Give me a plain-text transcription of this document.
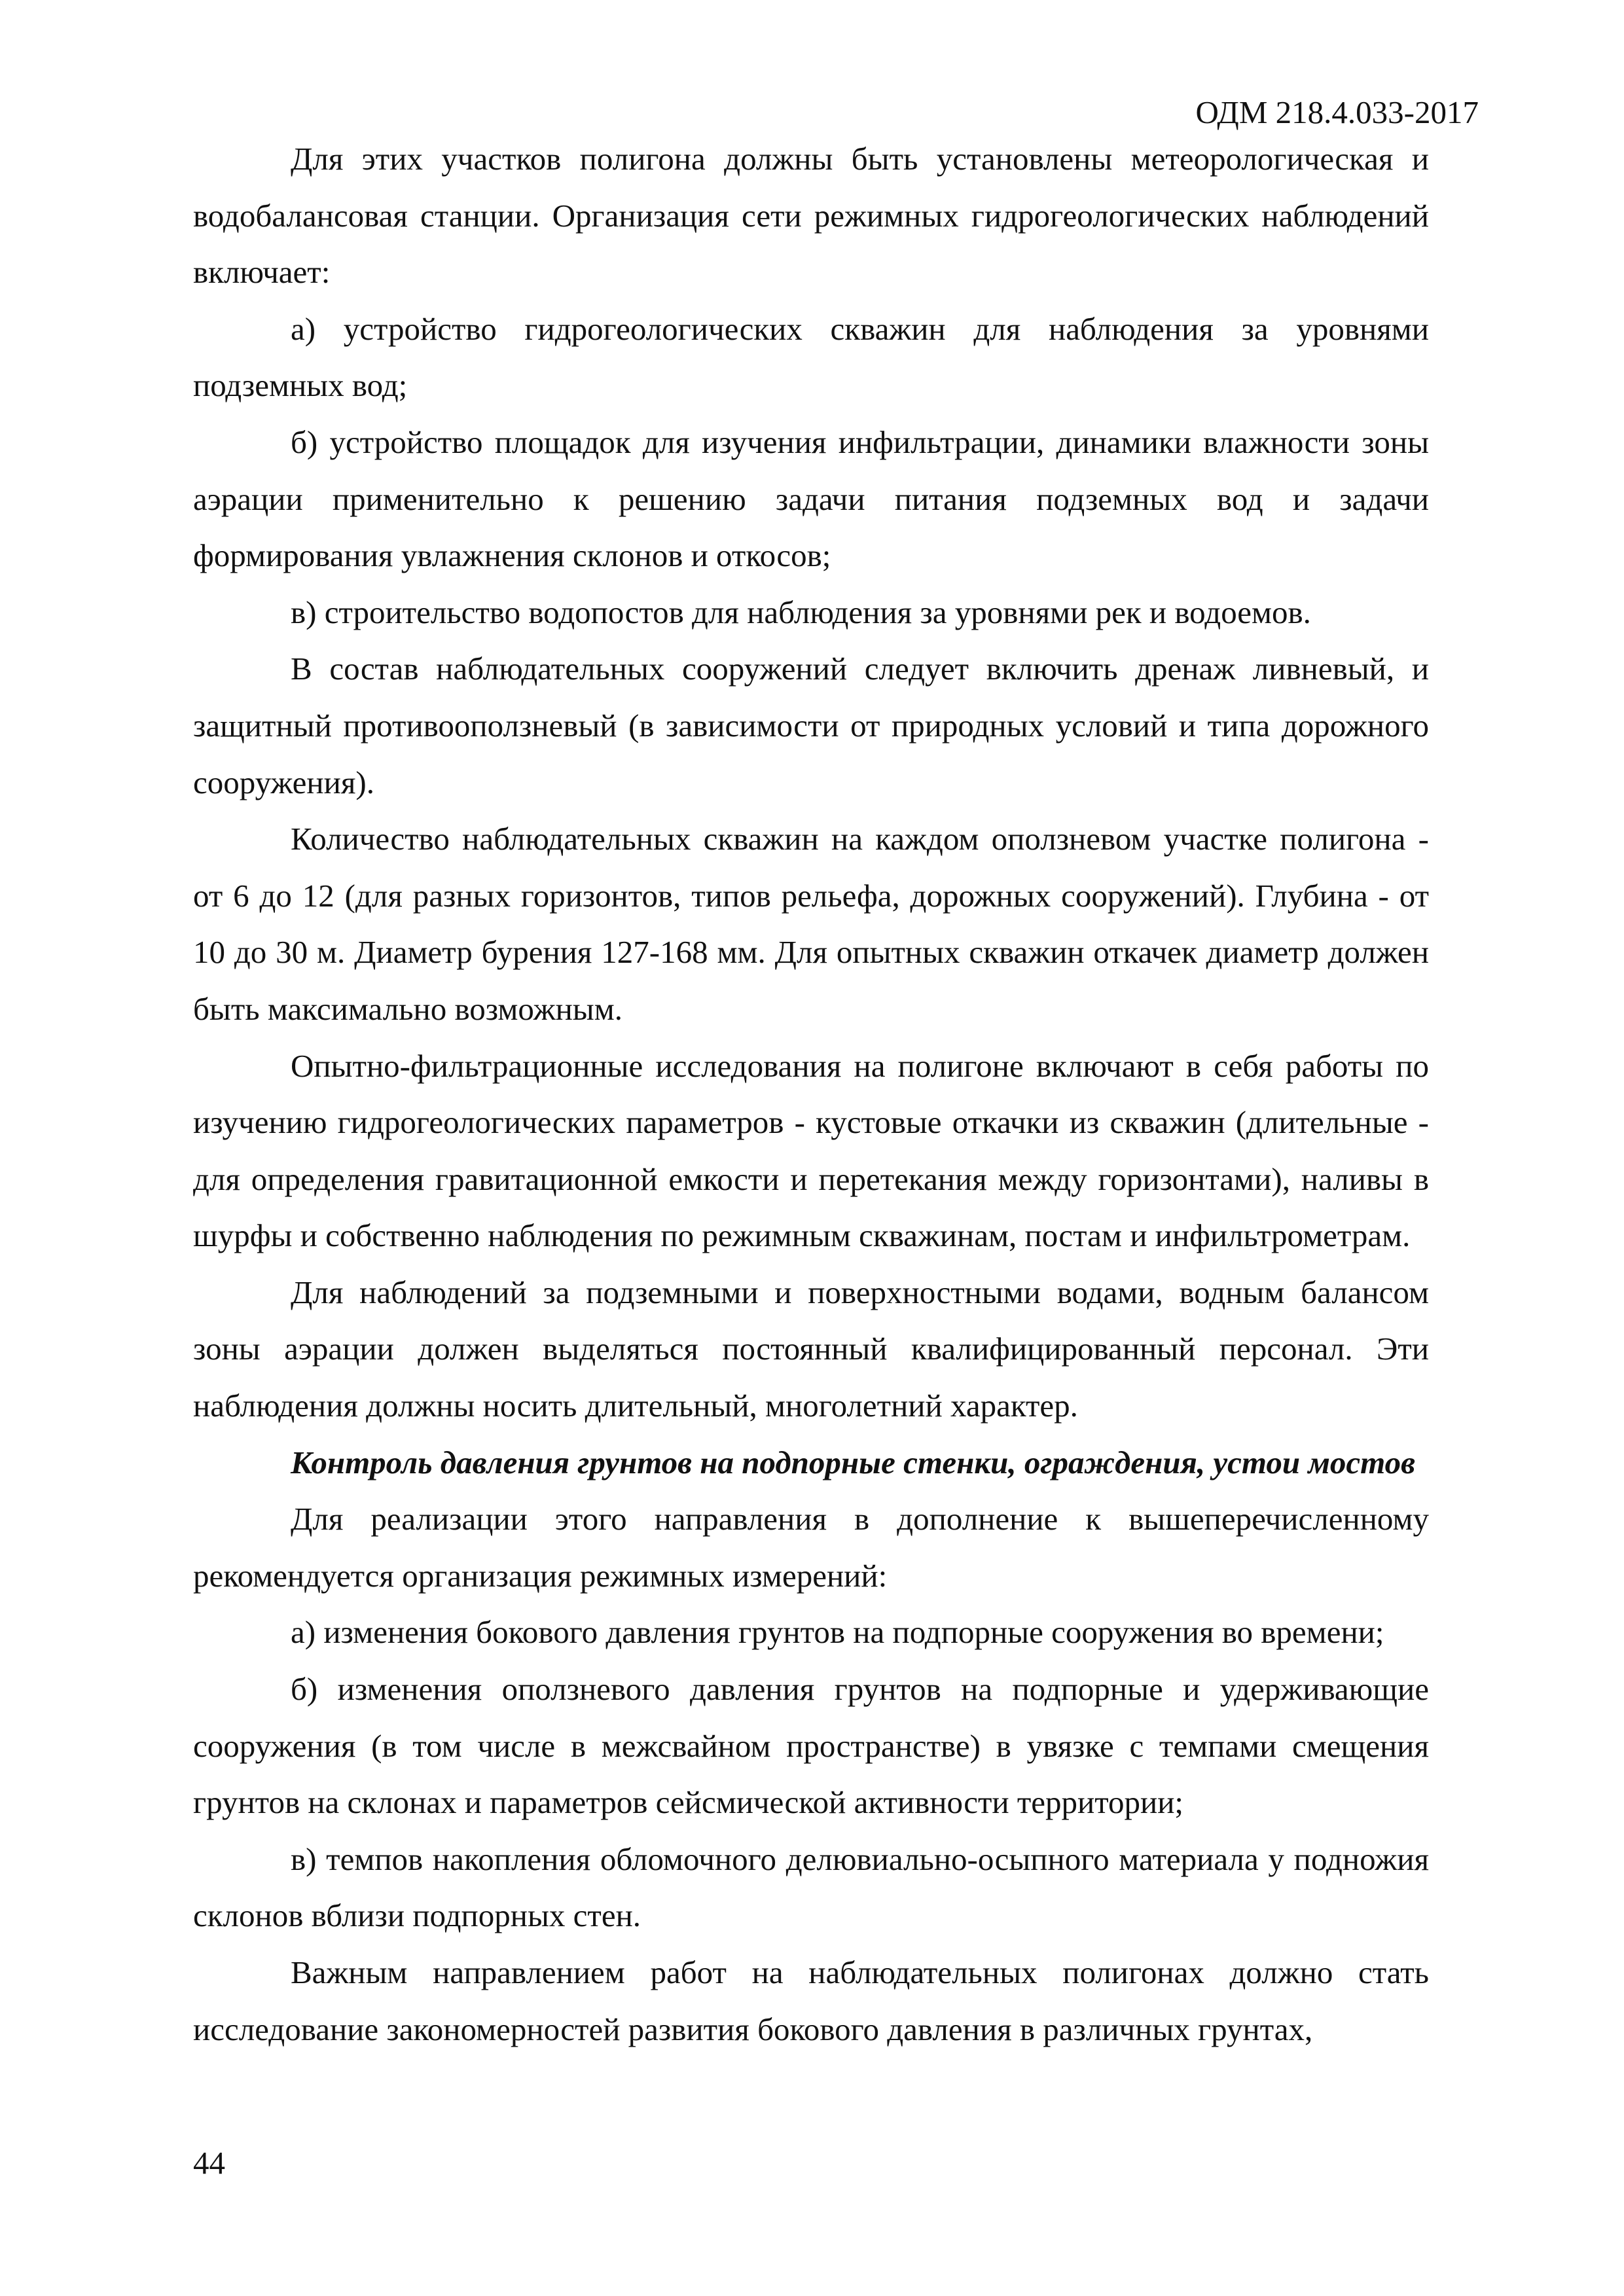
ОДМ 218.4.033-2017

Для этих участков полигона должны быть установлены метеорологическая и водобалансовая станции. Организация сети режимных гидрогеологических наблюдений включает:

а) устройство гидрогеологических скважин для наблюдения за уровнями подземных вод;

б) устройство площадок для изучения инфильтрации, динамики влажности зоны аэрации применительно к решению задачи питания подземных вод и задачи формирования увлажнения склонов и откосов;

в) строительство водопостов для наблюдения за уровнями рек и водоемов.

В состав наблюдательных сооружений следует включить дренаж ливневый, и защитный противооползневый (в зависимости от природных условий и типа дорожного сооружения).

Количество наблюдательных скважин на каждом оползневом участке полигона - от 6 до 12 (для разных горизонтов, типов рельефа, дорожных сооружений). Глубина - от 10 до 30 м. Диаметр бурения 127-168 мм. Для опытных скважин откачек диаметр должен быть максимально возможным.

Опытно-фильтрационные исследования на полигоне включают в себя работы по изучению гидрогеологических параметров - кустовые откачки из скважин (длительные - для определения гравитационной емкости и перетекания между горизонтами), наливы в шурфы и собственно наблюдения по режимным скважинам, постам и инфильтрометрам.

Для наблюдений за подземными и поверхностными водами, водным балансом зоны аэрации должен выделяться постоянный квалифицированный персонал. Эти наблюдения должны носить длительный, многолетний характер.

Контроль давления грунтов на подпорные стенки, ограждения, устои мостов

Для реализации этого направления в дополнение к вышеперечисленному рекомендуется организация режимных измерений:

а) изменения бокового давления грунтов на подпорные сооружения во времени;

б) изменения оползневого давления грунтов на подпорные и удерживающие сооружения (в том числе в межсвайном пространстве) в увязке с темпами смещения грунтов на склонах и параметров сейсмической активности территории;

в) темпов накопления обломочного делювиально-осыпного материала у подножия склонов вблизи подпорных стен.

Важным направлением работ на наблюдательных полигонах должно стать исследование закономерностей развития бокового давления в различных грунтах,

44
